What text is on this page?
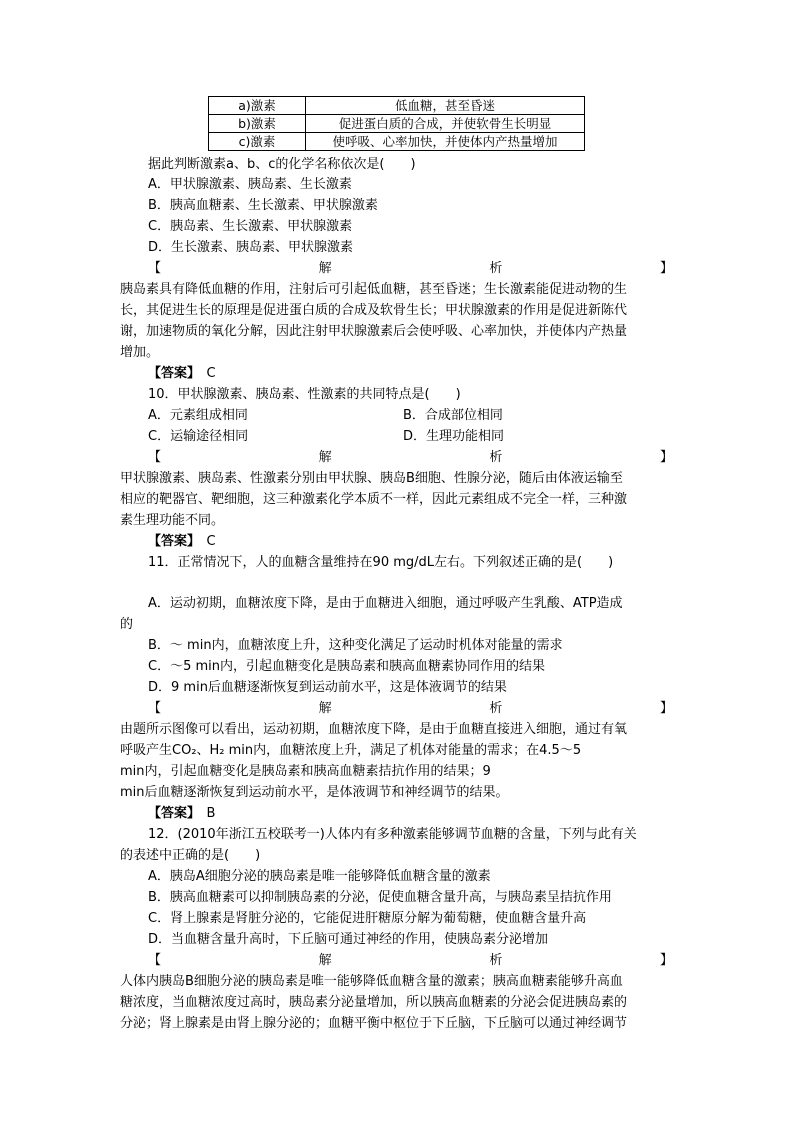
a)激素	低血糖，甚至昏迷
b)激素	促进蛋白质的合成，并使软骨生长明显
c)激素	使呼吸、心率加快，并使体内产热量增加
据此判断激素a、b、c的化学名称依次是(　　)
A．甲状腺激素、胰岛素、生长激素
B．胰高血糖素、生长激素、甲状腺激素
C．胰岛素、生长激素、甲状腺激素
D．生长激素、胰岛素、甲状腺激素
【	解	析	】
胰岛素具有降低血糖的作用，注射后可引起低血糖，甚至昏迷；生长激素能促进动物的生
长，其促进生长的原理是促进蛋白质的合成及软骨生长；甲状腺激素的作用是促进新陈代
谢，加速物质的氧化分解，因此注射甲状腺激素后会使呼吸、心率加快，并使体内产热量
增加。
【答案】　 C
10．甲状腺激素、胰岛素、性激素的共同特点是(　　)
A．元素组成相同	B．合成部位相同
C．运输途径相同	D．生理功能相同
【	解	析	】
甲状腺激素、胰岛素、性激素分别由甲状腺、胰岛B细胞、性腺分泌，随后由体液运输至
相应的靶器官、靶细胞，这三种激素化学本质不一样，因此元素组成不完全一样，三种激
素生理功能不同。
【答案】　 C
11．正常情况下，人的血糖含量维持在90 mg/dL左右。下列叙述正确的是(　　)
A．运动初期，血糖浓度下降，是由于血糖进入细胞，通过呼吸产生乳酸、ATP造成
的
B．～ min内，血糖浓度上升，这种变化满足了运动时机体对能量的需求
C．～5 min内，引起血糖变化是胰岛素和胰高血糖素协同作用的结果
D．9 min后血糖逐渐恢复到运动前水平，这是体液调节的结果
【	解	析	】
由题所示图像可以看出，运动初期，血糖浓度下降，是由于血糖直接进入细胞，通过有氧
呼吸产生CO₂、H₂ min内，血糖浓度上升，满足了机体对能量的需求；在4.5～5
min内，引起血糖变化是胰岛素和胰高血糖素拮抗作用的结果；9
min后血糖逐渐恢复到运动前水平，是体液调节和神经调节的结果。
【答案】　 B
12．(2010年浙江五校联考一)人体内有多种激素能够调节血糖的含量，下列与此有关
的表述中正确的是(　　)
A．胰岛A细胞分泌的胰岛素是唯一能够降低血糖含量的激素
B．胰高血糖素可以抑制胰岛素的分泌，促使血糖含量升高，与胰岛素呈拮抗作用
C．肾上腺素是肾脏分泌的，它能促进肝糖原分解为葡萄糖，使血糖含量升高
D．当血糖含量升高时，下丘脑可通过神经的作用，使胰岛素分泌增加
【	解	析	】
人体内胰岛B细胞分泌的胰岛素是唯一能够降低血糖含量的激素；胰高血糖素能够升高血
糖浓度，当血糖浓度过高时，胰岛素分泌量增加，所以胰高血糖素的分泌会促进胰岛素的
分泌；肾上腺素是由肾上腺分泌的；血糖平衡中枢位于下丘脑，下丘脑可以通过神经调节
